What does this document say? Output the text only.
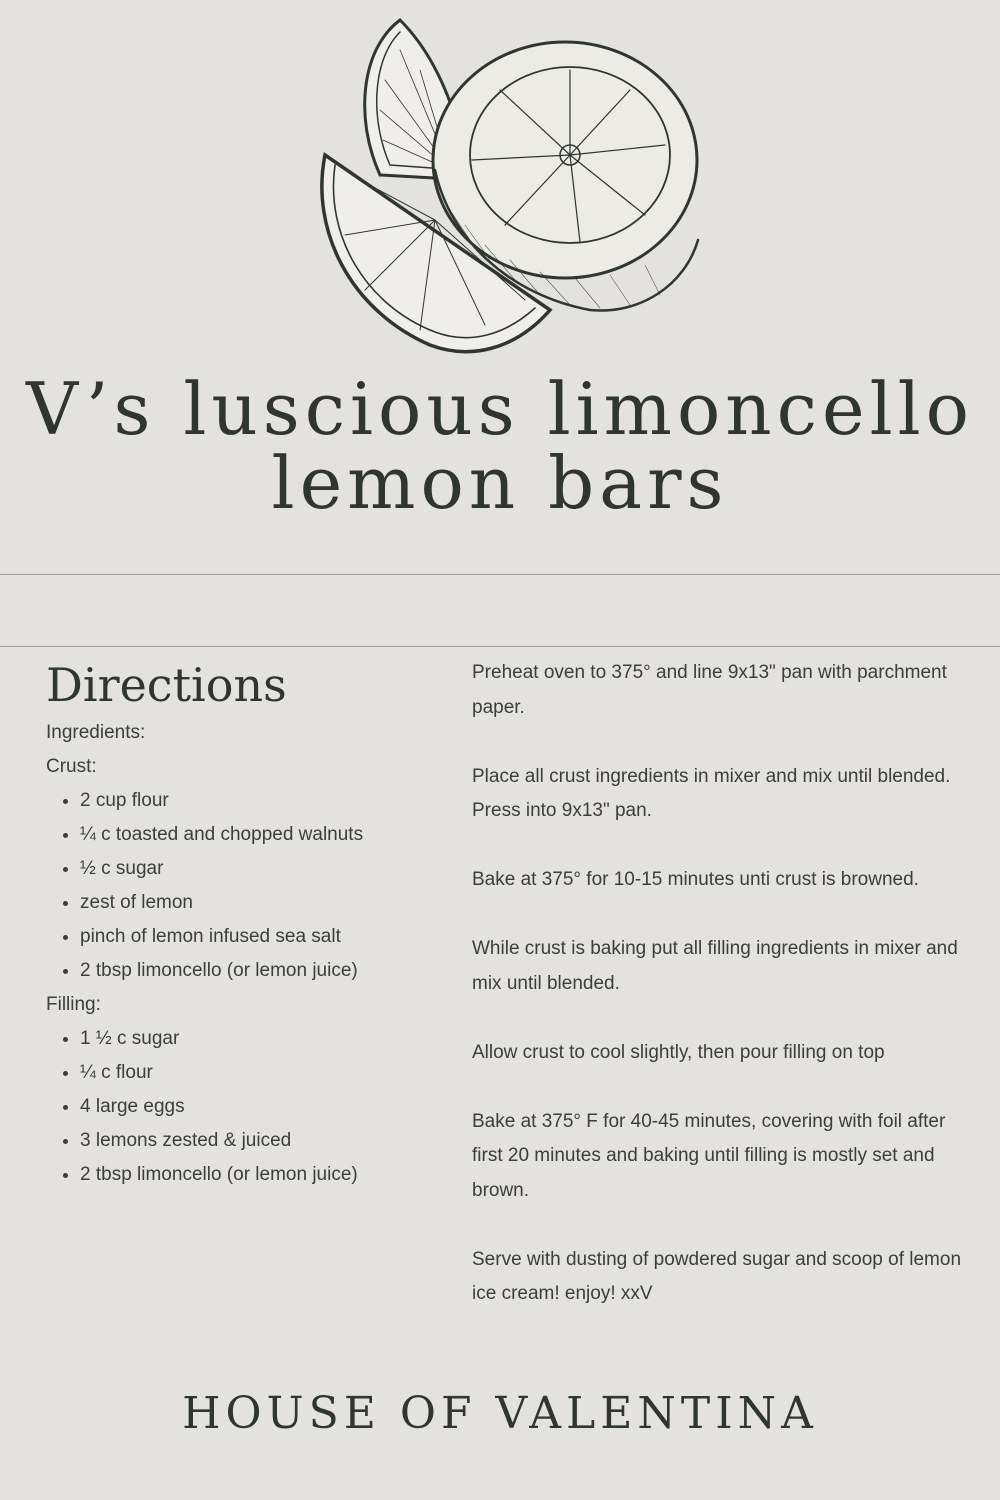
V’s luscious limoncello
lemon bars
Directions
Ingredients:
Crust:
• 2 cup flour
• ¼ c toasted and chopped walnuts
• ½ c sugar
• zest of lemon
• pinch of lemon infused sea salt
• 2 tbsp limoncello (or lemon juice)
Filling:
• 1 ½ c sugar
• ¼ c flour
• 4 large eggs
• 3 lemons zested & juiced
• 2 tbsp limoncello (or lemon juice)

Preheat oven to 375° and line 9x13" pan with parchment paper.

Place all crust ingredients in mixer and mix until blended. Press into 9x13" pan.

Bake at 375° for 10-15 minutes unti crust is browned.

While crust is baking put all filling ingredients in mixer and mix until blended.

Allow crust to cool slightly, then pour filling on top

Bake at 375° F for 40-45 minutes, covering with foil after first 20 minutes and baking until filling is mostly set and brown.

Serve with dusting of powdered sugar and scoop of lemon ice cream! enjoy! xxV

HOUSE OF VALENTINA
